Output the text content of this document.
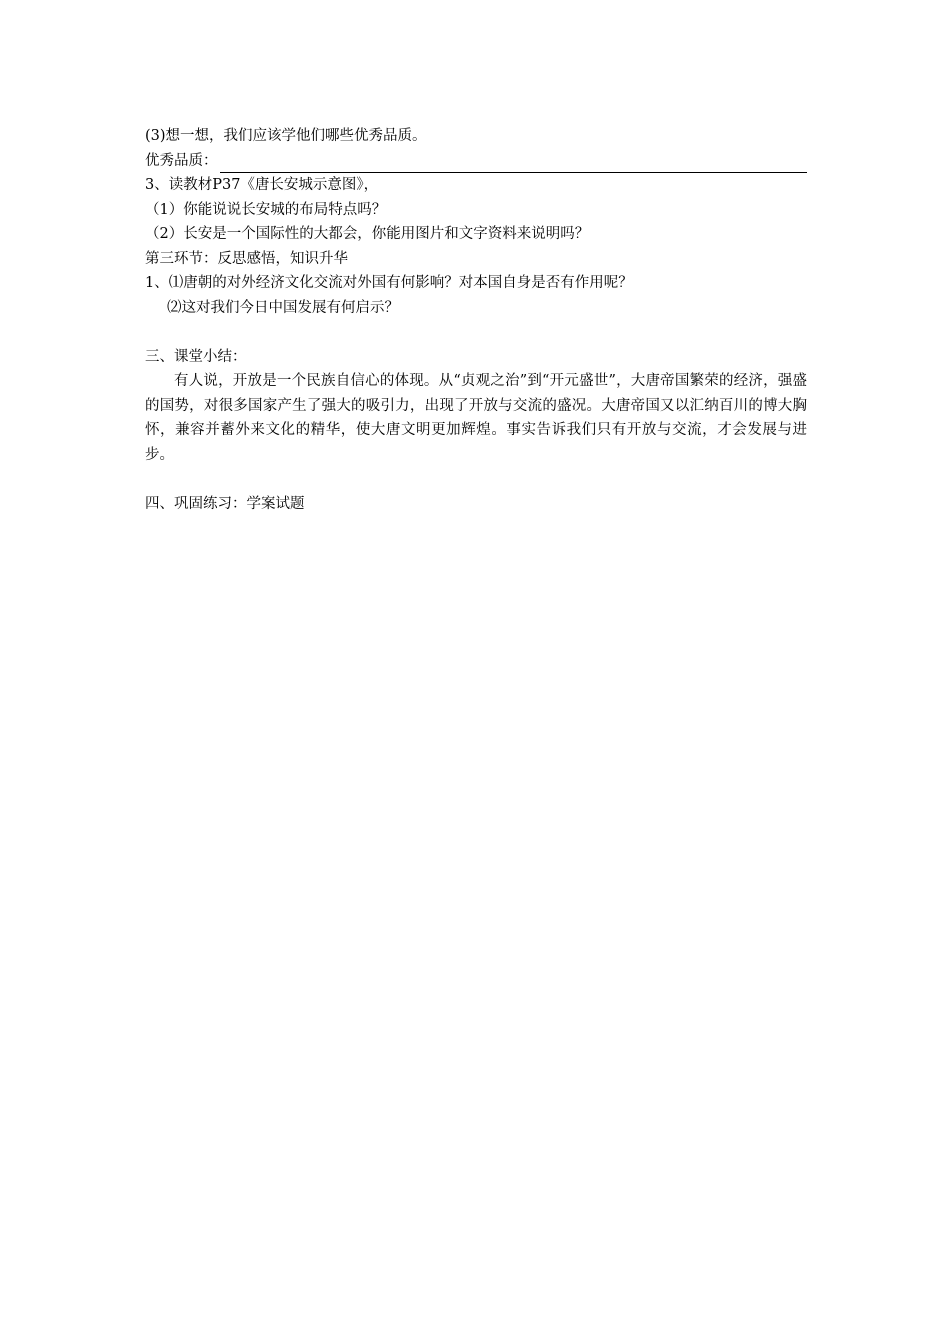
(3)想一想，我们应该学他们哪些优秀品质。
优秀品质：
3、读教材P37《唐长安城示意图》，
（1）你能说说长安城的布局特点吗？
（2）长安是一个国际性的大都会，你能用图片和文字资料来说明吗？
第三环节：反思感悟，知识升华
1、⑴唐朝的对外经济文化交流对外国有何影响？对本国自身是否有作用呢？
⑵这对我们今日中国发展有何启示？
三、课堂小结：
有人说，开放是一个民族自信心的体现。从“贞观之治”到“开元盛世”，大唐帝国繁荣的经济，强盛的国势，对很多国家产生了强大的吸引力，出现了开放与交流的盛况。大唐帝国又以汇纳百川的博大胸怀，兼容并蓄外来文化的精华，使大唐文明更加辉煌。事实告诉我们只有开放与交流，才会发展与进步。
四、巩固练习：学案试题
